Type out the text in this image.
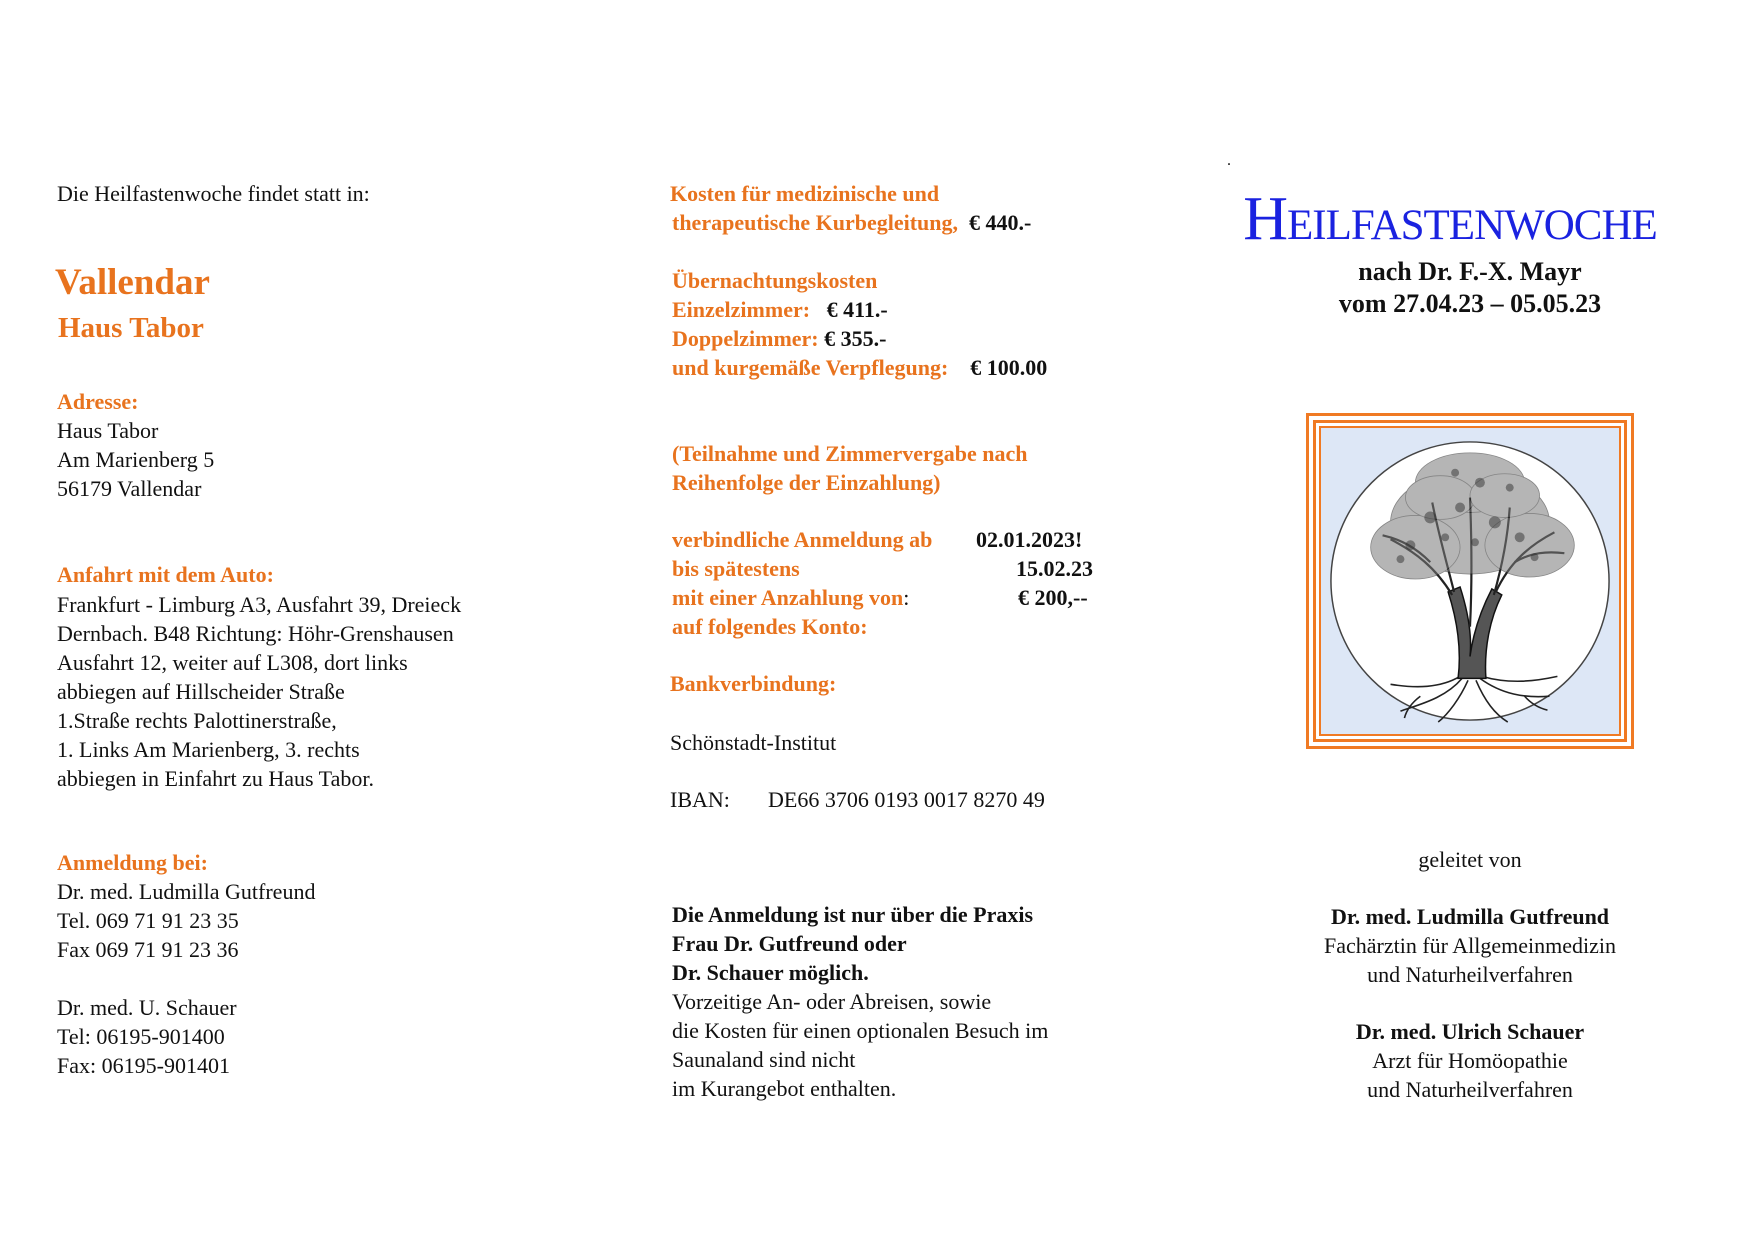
Die Heilfastenwoche findet statt in:
Vallendar
Haus Tabor
Adresse:
Haus Tabor
Am Marienberg 5
56179 Vallendar
Anfahrt mit dem Auto:
Frankfurt - Limburg A3, Ausfahrt 39, Dreieck
Dernbach. B48 Richtung: Höhr-Grenshausen
Ausfahrt 12, weiter auf L308, dort links
abbiegen auf Hillscheider Straße
1.Straße rechts Palottinerstraße,
1. Links Am Marienberg, 3. rechts
abbiegen in Einfahrt zu Haus Tabor.
Anmeldung bei:
Dr. med. Ludmilla Gutfreund
Tel. 069 71 91 23 35
Fax 069 71 91 23 36
Dr. med. U. Schauer
Tel: 06195-901400
Fax: 06195-901401
Kosten für medizinische und
therapeutische Kurbegleitung, € 440.-
Übernachtungskosten
Einzelzimmer: € 411.-
Doppelzimmer: € 355.-
und kurgemäße Verpflegung: € 100.00
(Teilnahme und Zimmervergabe nach
Reihenfolge der Einzahlung)
verbindliche Anmeldung ab 02.01.2023!
bis spätestens	15.02.23
mit einer Anzahlung von:	€ 200,--
auf folgendes Konto:
Bankverbindung:
Schönstadt-Institut
IBAN: DE66 3706 0193 0017 8270 49
Die Anmeldung ist nur über die Praxis
Frau Dr. Gutfreund oder
Dr. Schauer möglich.
Vorzeitige An- oder Abreisen, sowie
die Kosten für einen optionalen Besuch im
Saunaland sind nicht
im Kurangebot enthalten.
.
Heilfastenwoche
nach Dr. F.-X. Mayr
vom 27.04.23 – 05.05.23
geleitet von
Dr. med. Ludmilla Gutfreund
Fachärztin für Allgemeinmedizin
und Naturheilverfahren
Dr. med. Ulrich Schauer
Arzt für Homöopathie
und Naturheilverfahren
